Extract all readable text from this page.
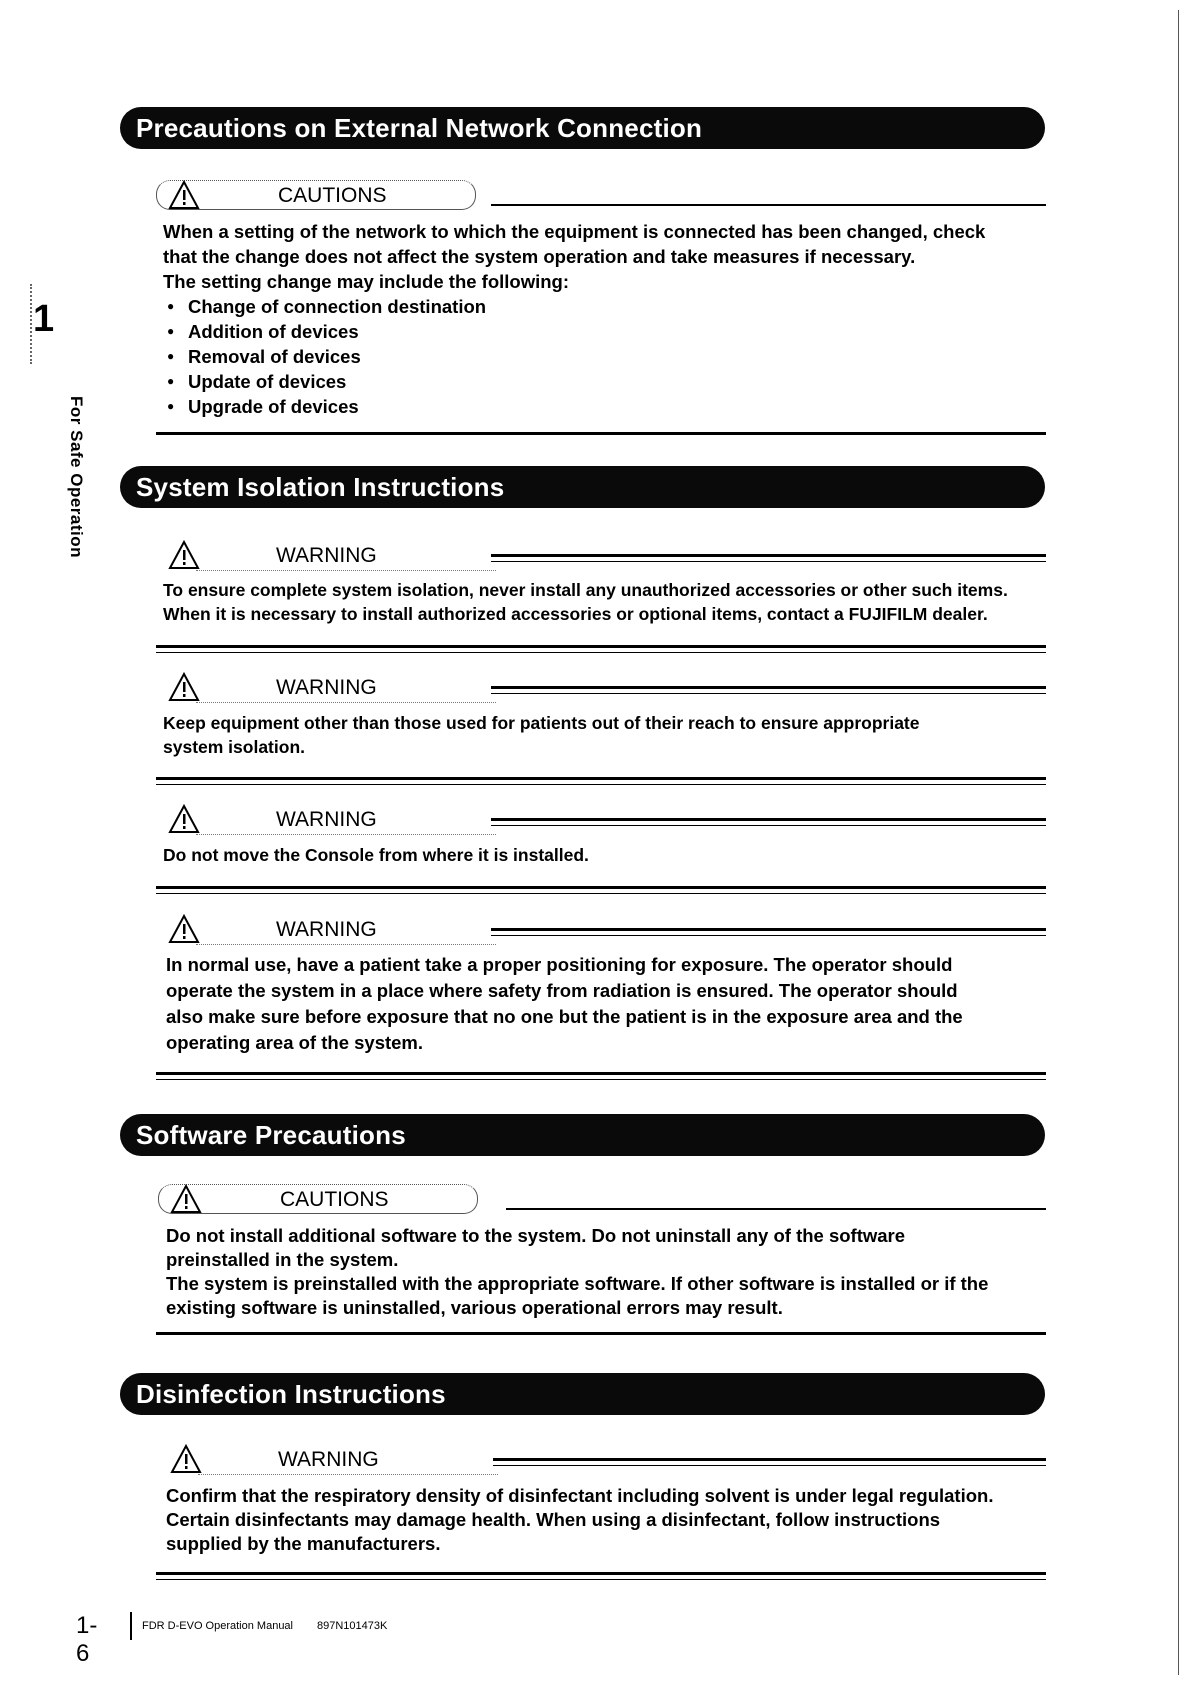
1
For Safe Operation
Precautions on External Network Connection
CAUTIONS

When a setting of the network to which the equipment is connected has been changed, check

that the change does not affect the system operation and take measures if necessary.

The setting change may include the following:

● Change of connection destination
● Addition of devices
● Removal of devices
● Update of devices
● Upgrade of devices
System Isolation Instructions
WARNING

To ensure complete system isolation, never install any unauthorized accessories or other such items.

When it is necessary to install authorized accessories or optional items, contact a FUJIFILM dealer.

WARNING

Keep equipment other than those used for patients out of their reach to ensure appropriate

system isolation.

WARNING

Do not move the Console from where it is installed.

WARNING

In normal use, have a patient take a proper positioning for exposure. The operator should

operate the system in a place where safety from radiation is ensured. The operator should

also make sure before exposure that no one but the patient is in the exposure area and the

operating area of the system.

Software Precautions
CAUTIONS

Do not install additional software to the system. Do not uninstall any of the software

preinstalled in the system.

The system is preinstalled with the appropriate software. If other software is installed or if the

existing software is uninstalled, various operational errors may result.

Disinfection Instructions
WARNING

Confirm that the respiratory density of disinfectant including solvent is under legal regulation.

Certain disinfectants may damage health. When using a disinfectant, follow instructions

supplied by the manufacturers.

1-6
FDR D-EVO Operation Manual 897N101473K
